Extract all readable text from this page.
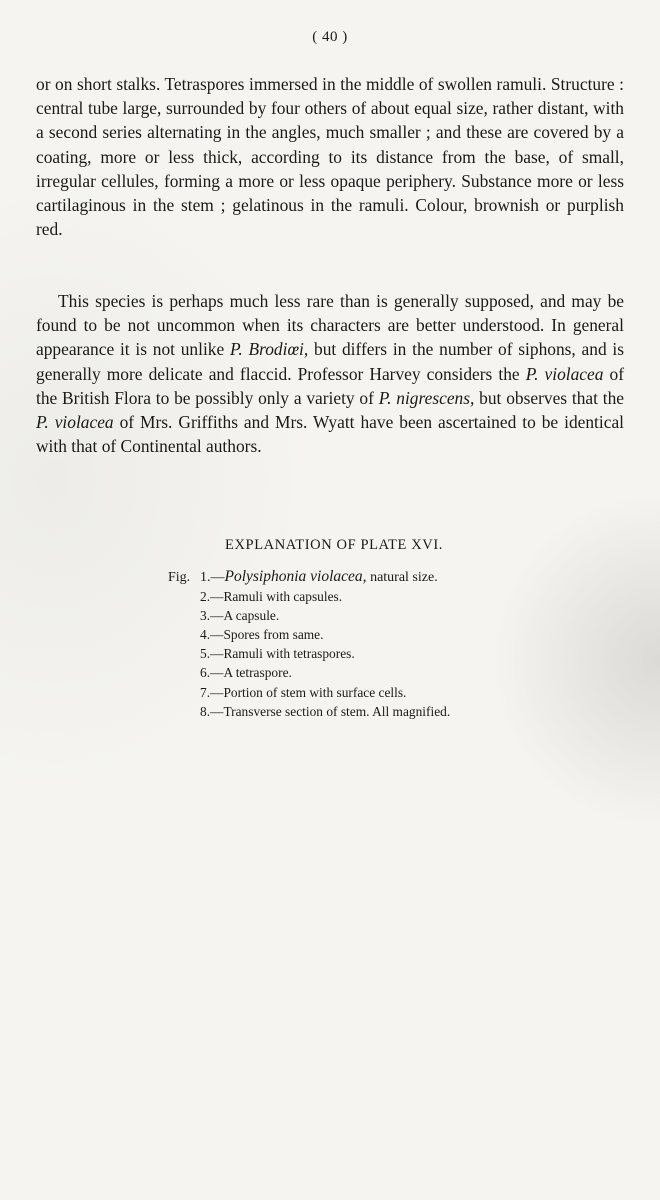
( 40 )

or on short stalks. Tetraspores immersed in the middle of swollen ramuli. Structure : central tube large, surrounded by four others of about equal size, rather distant, with a second series alternating in the angles, much smaller ; and these are covered by a coating, more or less thick, according to its distance from the base, of small, irregular cellules, forming a more or less opaque periphery. Substance more or less cartilaginous in the stem ; gelatinous in the ramuli. Colour, brownish or purplish red.

This species is perhaps much less rare than is generally supposed, and may be found to be not uncommon when its characters are better understood. In general appearance it is not unlike P. Brodiœi, but differs in the number of siphons, and is generally more delicate and flaccid. Professor Harvey considers the P. violacea of the British Flora to be possibly only a variety of P. nigrescens, but observes that the P. violacea of Mrs. Griffiths and Mrs. Wyatt have been ascertained to be identical with that of Continental authors.

EXPLANATION OF PLATE XVI.
Fig. 1.—Polysiphonia violacea, natural size.
2.—Ramuli with capsules.
3.—A capsule.
4.—Spores from same.
5.—Ramuli with tetraspores.
6.—A tetraspore.
7.—Portion of stem with surface cells.
8.—Transverse section of stem. All magnified.
